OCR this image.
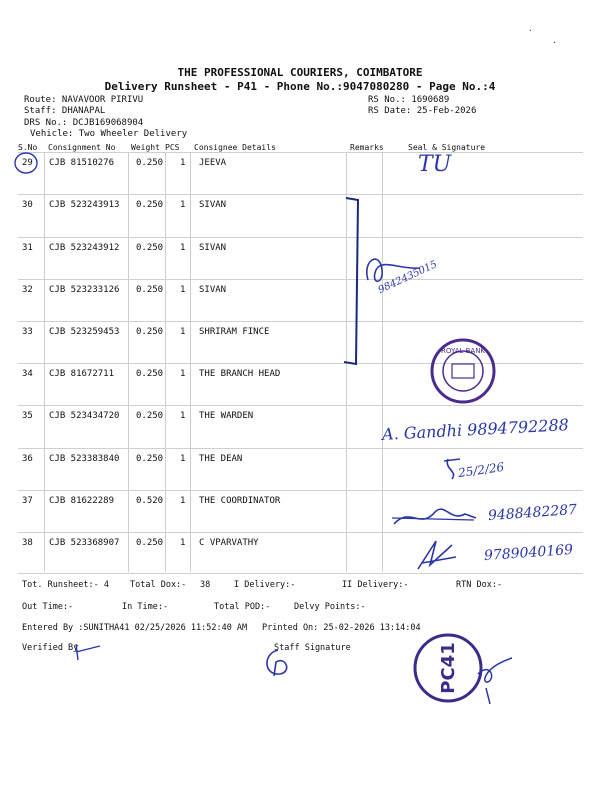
THE PROFESSIONAL COURIERS, COIMBATORE
Delivery Runsheet - P41 - Phone No.:9047080280 - Page No.:4
Route: NAVAVOOR PIRIVU
Staff: DHANAPAL
DRS No.: DCJB169068904
Vehicle: Two Wheeler Delivery
RS No.: 1690689
RS Date: 25-Feb-2026
S.No Consignment No Weight PCS Consignee Details	Remarks	Seal & Signature
29 CJB 81510276 0.250 1 JEEVA
30 CJB 523243913 0.250 1 SIVAN
31 CJB 523243912 0.250 1 SIVAN
32 CJB 523233126 0.250 1 SIVAN
33 CJB 523259453 0.250 1 SHRIRAM FINCE
34 CJB 81672711 0.250 1 THE BRANCH HEAD
35 CJB 523434720 0.250 1 THE WARDEN
36 CJB 523383840 0.250 1 THE DEAN
37 CJB 81622289 0.520 1 THE COORDINATOR
38 CJB 523368907 0.250 1 C VPARVATHY
TU
9842435015
A. Gandhi 9894792288
25/2/26
9488482287
9789040169
ROYAL BANK
Tot. Runsheet:- 4 Total Dox:- 38	I Delivery:-	II Delivery:-	RTN Dox:-
Out Time:-	In Time:-	Total POD:-	Delvy Points:-
Entered By :SUNITHA41 02/25/2026 11:52:40 AM Printed On: 25-02-2026 13:14:04
Verified By	Staff Signature	PC41
·
·
